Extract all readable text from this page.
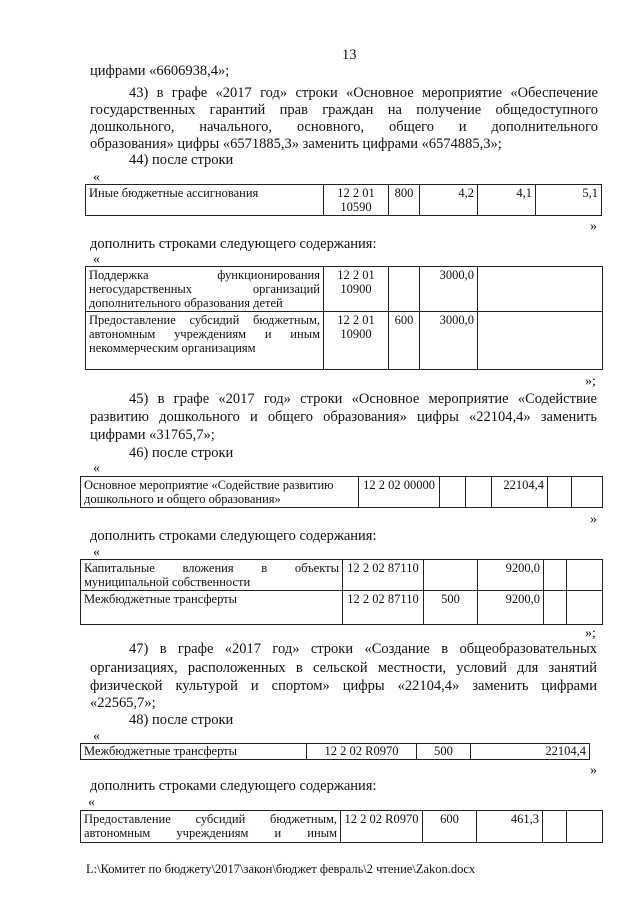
13
цифрами «6606938,4»;
43) в графе «2017 год» строки «Основное мероприятие «Обеспечение
государственных гарантий прав граждан на получение общедоступного
дошкольного, начального, основного, общего и дополнительного
образования» цифры «6571885,3» заменить цифрами «6574885,3»;
44) после строки
«
Иные бюджетные ассигнования	12 2 01 10590	800	4,2	4,1	5,1
»
дополнить строками следующего содержания:
«
Поддержка функционирования негосударственных организаций дополнительного образования детей	12 2 01 10900		3000,0	
Предоставление субсидий бюджетным, автономным учреждениям и иным некоммерческим организациям	12 2 01 10900	600	3000,0	
»;
45) в графе «2017 год» строки «Основное мероприятие «Содействие
развитию дошкольного и общего образования» цифры «22104,4» заменить
цифрами «31765,7»;
46) после строки
«
Основное мероприятие «Содействие развитию дошкольного и общего образования»	12 2 02 00000			22104,4		
»
дополнить строками следующего содержания:
«
Капитальные вложения в объекты муниципальной собственности	12 2 02 87110		9200,0		
Межбюджетные трансферты	12 2 02 87110	500	9200,0		
»;
47) в графе «2017 год» строки «Создание в общеобразовательных
организациях, расположенных в сельской местности, условий для занятий
физической культурой и спортом» цифры «22104,4» заменить цифрами
«22565,7»;
48) после строки
«
Межбюджетные трансферты	12 2 02 R0970	500	22104,4
»
дополнить строками следующего содержания:
«
Предоставление субсидий бюджетным, автономным учреждениям и иным	12 2 02 R0970	600	461,3		
L:\Комитет по бюджету\2017\закон\бюджет февраль\2 чтение\Zakon.docx
